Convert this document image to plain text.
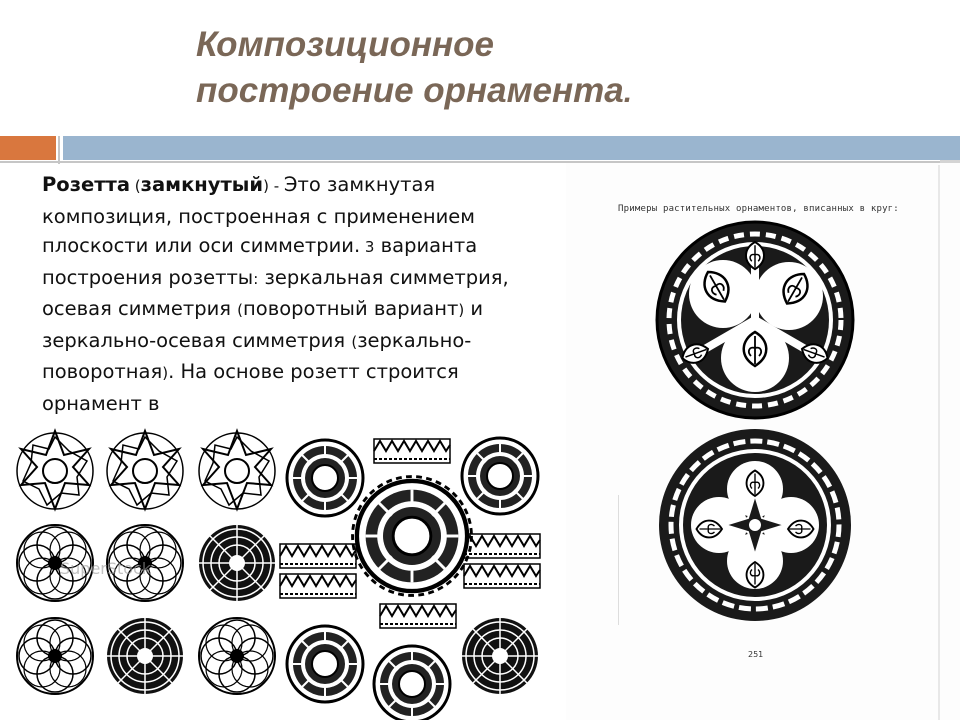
Композиционное
построение орнамента.

Розетта (замкнутый) - Это замкнутая композиция, построенная с применением плоскости или оси симметрии. 3 варианта построения розетты: зеркальная симметрия, осевая симметрия (поворотный вариант) и зеркально-осевая симметрия (зеркально-поворотная). На основе розетт строится орнамент в

SuperStock
Примеры растительных орнаментов, вписанных в круг:
251
